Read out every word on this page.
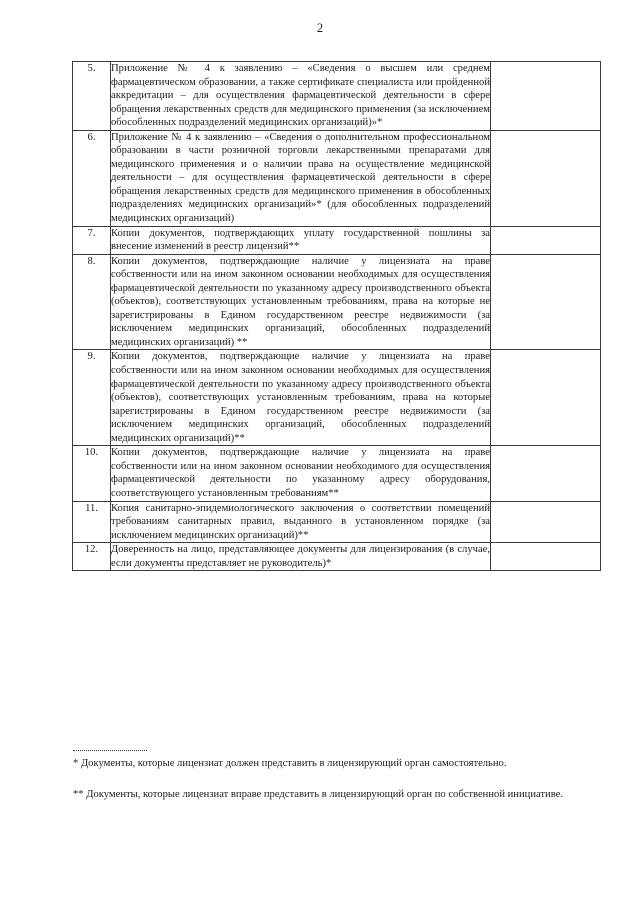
2
5.	Приложение № 4 к заявлению – «Сведения о высшем или среднем фармацевтическом образовании, а также сертификате специалиста или пройденной аккредитации – для осуществления фармацевтической деятельности в сфере обращения лекарственных средств для медицинского применения (за исключением обособленных подразделений медицинских организаций)»*	
6.	Приложение № 4 к заявлению – «Сведения о дополнительном профессиональном образовании в части розничной торговли лекарственными препаратами для медицинского применения и о наличии права на осуществление медицинской деятельности – для осуществления фармацевтической деятельности в сфере обращения лекарственных средств для медицинского применения в обособленных подразделениях медицинских организаций»* (для обособленных подразделений медицинских организаций)	
7.	Копии документов, подтверждающих уплату государственной пошлины за внесение изменений в реестр лицензий**	
8.	Копии документов, подтверждающие наличие у лицензиата на праве собственности или на ином законном основании необходимых для осуществления фармацевтической деятельности по указанному адресу производственного объекта (объектов), соответствующих установленным требованиям, права на которые не зарегистрированы в Едином государственном реестре недвижимости (за исключением медицинских организаций, обособленных подразделений медицинских организаций) **	
9.	Копии документов, подтверждающие наличие у лицензиата на праве собственности или на ином законном основании необходимых для осуществления фармацевтической деятельности по указанному адресу производственного объекта (объектов), соответствующих установленным требованиям, права на которые зарегистрированы в Едином государственном реестре недвижимости (за исключением медицинских организаций, обособленных подразделений медицинских организаций)**	
10.	Копии документов, подтверждающие наличие у лицензиата на праве собственности или на ином законном основании необходимого для осуществления фармацевтической деятельности по указанному адресу оборудования, соответствующего установленным требованиям**	
11.	Копия санитарно-эпидемиологического заключения о соответствии помещений требованиям санитарных правил, выданного в установленном порядке (за исключением медицинских организаций)**	
12.	Доверенность на лицо, представляющее документы для лицензирования (в случае, если документы представляет не руководитель)*	
* Документы, которые лицензиат должен представить в лицензирующий орган самостоятельно.
** Документы, которые лицензиат вправе представить в лицензирующий орган по собственной инициативе.
